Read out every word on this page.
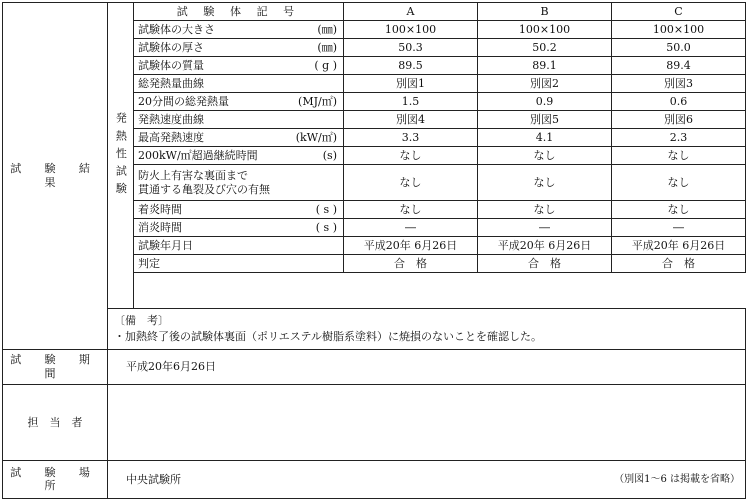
試 験 結 果	発熱性試験	試 験 体 記 号	A	B	C
		試験体の大きさ (㎜)	100×100	100×100	100×100
		試験体の厚さ (㎜)	50.3	50.2	50.0
		試験体の質量 ( g )	89.5	89.1	89.4
		総発熱量曲線	別図1	別図2	別図3
		20分間の総発熱量 (MJ/㎡)	1.5	0.9	0.6
		発熱速度曲線	別図4	別図5	別図6
		最高発熱速度 (kW/㎡)	3.3	4.1	2.3
		200kW/㎡超過継続時間 (s)	なし	なし	なし

		防火上有害な裏面まで
貫通する亀裂及び穴の有無	なし	なし	なし
		着炎時間 ( s )	なし	なし	なし
		消炎時間 ( s )	―	―	―
		試験年月日	平成20年 6月26日	平成20年 6月26日	平成20年 6月26日
		判定	合　格	合　格	合　格

	〔備　考〕
・加熱終了後の試験体裏面（ポリエステル樹脂系塗料）に焼損のないことを確認した。				

試 験 期 間	平成20年6月26日				
担　当　者					
試 験 場 所	中央試験所					（別図1～6 は掲載を省略）
